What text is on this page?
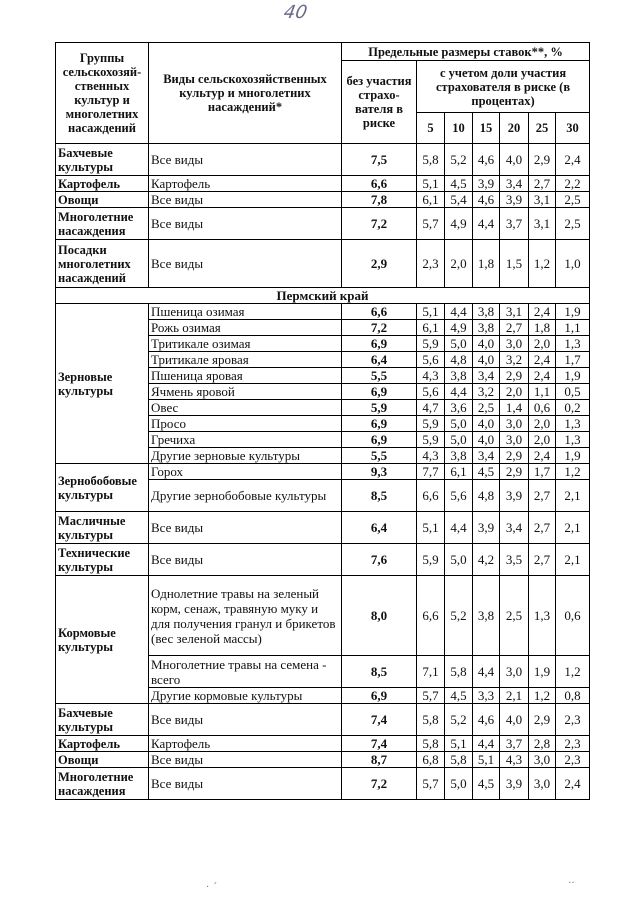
40
Группы сельскохозяй- ственных культур и многолетних насаждений	Виды сельскохозяйственных культур и многолетних насаждений*	Предельные размеры ставок**, %						
		без участия страхо- вателя в риске	с учетом доли участия страхователя в риске (в процентах)					
			5	10	15	20	25	30
Бахчевые культуры	Все виды	7,5	5,8	5,2	4,6	4,0	2,9	2,4
Картофель	Картофель	6,6	5,1	4,5	3,9	3,4	2,7	2,2
Овощи	Все виды	7,8	6,1	5,4	4,6	3,9	3,1	2,5
Многолетние насаждения	Все виды	7,2	5,7	4,9	4,4	3,7	3,1	2,5
Посадки многолетних насаждений	Все виды	2,9	2,3	2,0	1,8	1,5	1,2	1,0
Пермский край								
Зерновые культуры	Пшеница озимая	6,6	5,1	4,4	3,8	3,1	2,4	1,9
	Рожь озимая	7,2	6,1	4,9	3,8	2,7	1,8	1,1
	Тритикале озимая	6,9	5,9	5,0	4,0	3,0	2,0	1,3
	Тритикале яровая	6,4	5,6	4,8	4,0	3,2	2,4	1,7
	Пшеница яровая	5,5	4,3	3,8	3,4	2,9	2,4	1,9
	Ячмень яровой	6,9	5,6	4,4	3,2	2,0	1,1	0,5
	Овес	5,9	4,7	3,6	2,5	1,4	0,6	0,2
	Просо	6,9	5,9	5,0	4,0	3,0	2,0	1,3
	Гречиха	6,9	5,9	5,0	4,0	3,0	2,0	1,3
	Другие зерновые культуры	5,5	4,3	3,8	3,4	2,9	2,4	1,9
Зернобобовые культуры	Горох	9,3	7,7	6,1	4,5	2,9	1,7	1,2
	Другие зернобобовые культуры	8,5	6,6	5,6	4,8	3,9	2,7	2,1
Масличные культуры	Все виды	6,4	5,1	4,4	3,9	3,4	2,7	2,1
Технические культуры	Все виды	7,6	5,9	5,0	4,2	3,5	2,7	2,1
Кормовые культуры	Однолетние травы на зеленый корм, сенаж, травяную муку и для получения гранул и брикетов (вес зеленой массы)	8,0	6,6	5,2	3,8	2,5	1,3	0,6
	Многолетние травы на семена - всего	8,5	7,1	5,8	4,4	3,0	1,9	1,2
	Другие кормовые культуры	6,9	5,7	4,5	3,3	2,1	1,2	0,8
Бахчевые культуры	Все виды	7,4	5,8	5,2	4,6	4,0	2,9	2,3
Картофель	Картофель	7,4	5,8	5,1	4,4	3,7	2,8	2,3
Овощи	Все виды	8,7	6,8	5,8	5,1	4,3	3,0	2,3
Многолетние насаждения	Все виды	7,2	5,7	5,0	4,5	3,9	3,0	2,4
· ´
‥
